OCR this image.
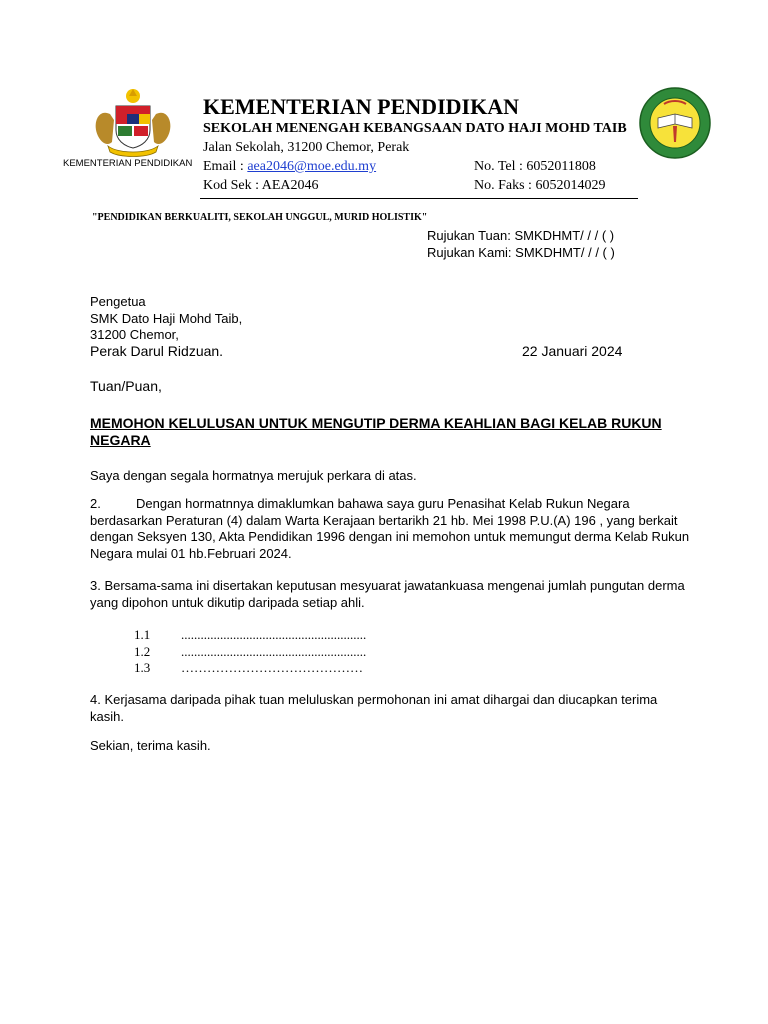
KEMENTERIAN PENDIDIKAN
KEMENTERIAN PENDIDIKAN
SEKOLAH MENENGAH KEBANGSAAN DATO HAJI MOHD TAIB
Jalan Sekolah, 31200 Chemor, Perak
Email : aea2046@moe.edu.my
Kod Sek : AEA2046
No. Tel : 6052011808
No. Faks : 6052014029
"PENDIDIKAN BERKUALITI, SEKOLAH UNGGUL, MURID HOLISTIK"
Rujukan Tuan: SMKDHMT/ / / ( )
Rujukan Kami: SMKDHMT/ / / ( )
Pengetua
SMK Dato Haji Mohd Taib,
31200 Chemor,
Perak Darul Ridzuan.	22 Januari 2024
Tuan/Puan,
MEMOHON KELULUSAN UNTUK MENGUTIP DERMA KEAHLIAN BAGI KELAB RUKUN NEGARA
Saya dengan segala hormatnya merujuk perkara di atas.
2.	Dengan hormatnnya dimaklumkan bahawa saya guru Penasihat Kelab Rukun Negara berdasarkan Peraturan (4) dalam Warta Kerajaan bertarikh 21 hb. Mei 1998 P.U.(A) 196 , yang berkait dengan Seksyen 130, Akta Pendidikan 1996 dengan ini memohon untuk memungut derma Kelab Rukun Negara mulai 01 hb.Februari 2024.
3. Bersama-sama ini disertakan keputusan mesyuarat jawatankuasa mengenai jumlah pungutan derma yang dipohon untuk dikutip daripada setiap ahli.
1.1 .........................................................
1.2 .........................................................
1.3 ……………………………………
4. Kerjasama daripada pihak tuan meluluskan permohonan ini amat dihargai dan diucapkan terima kasih.
Sekian, terima kasih.
